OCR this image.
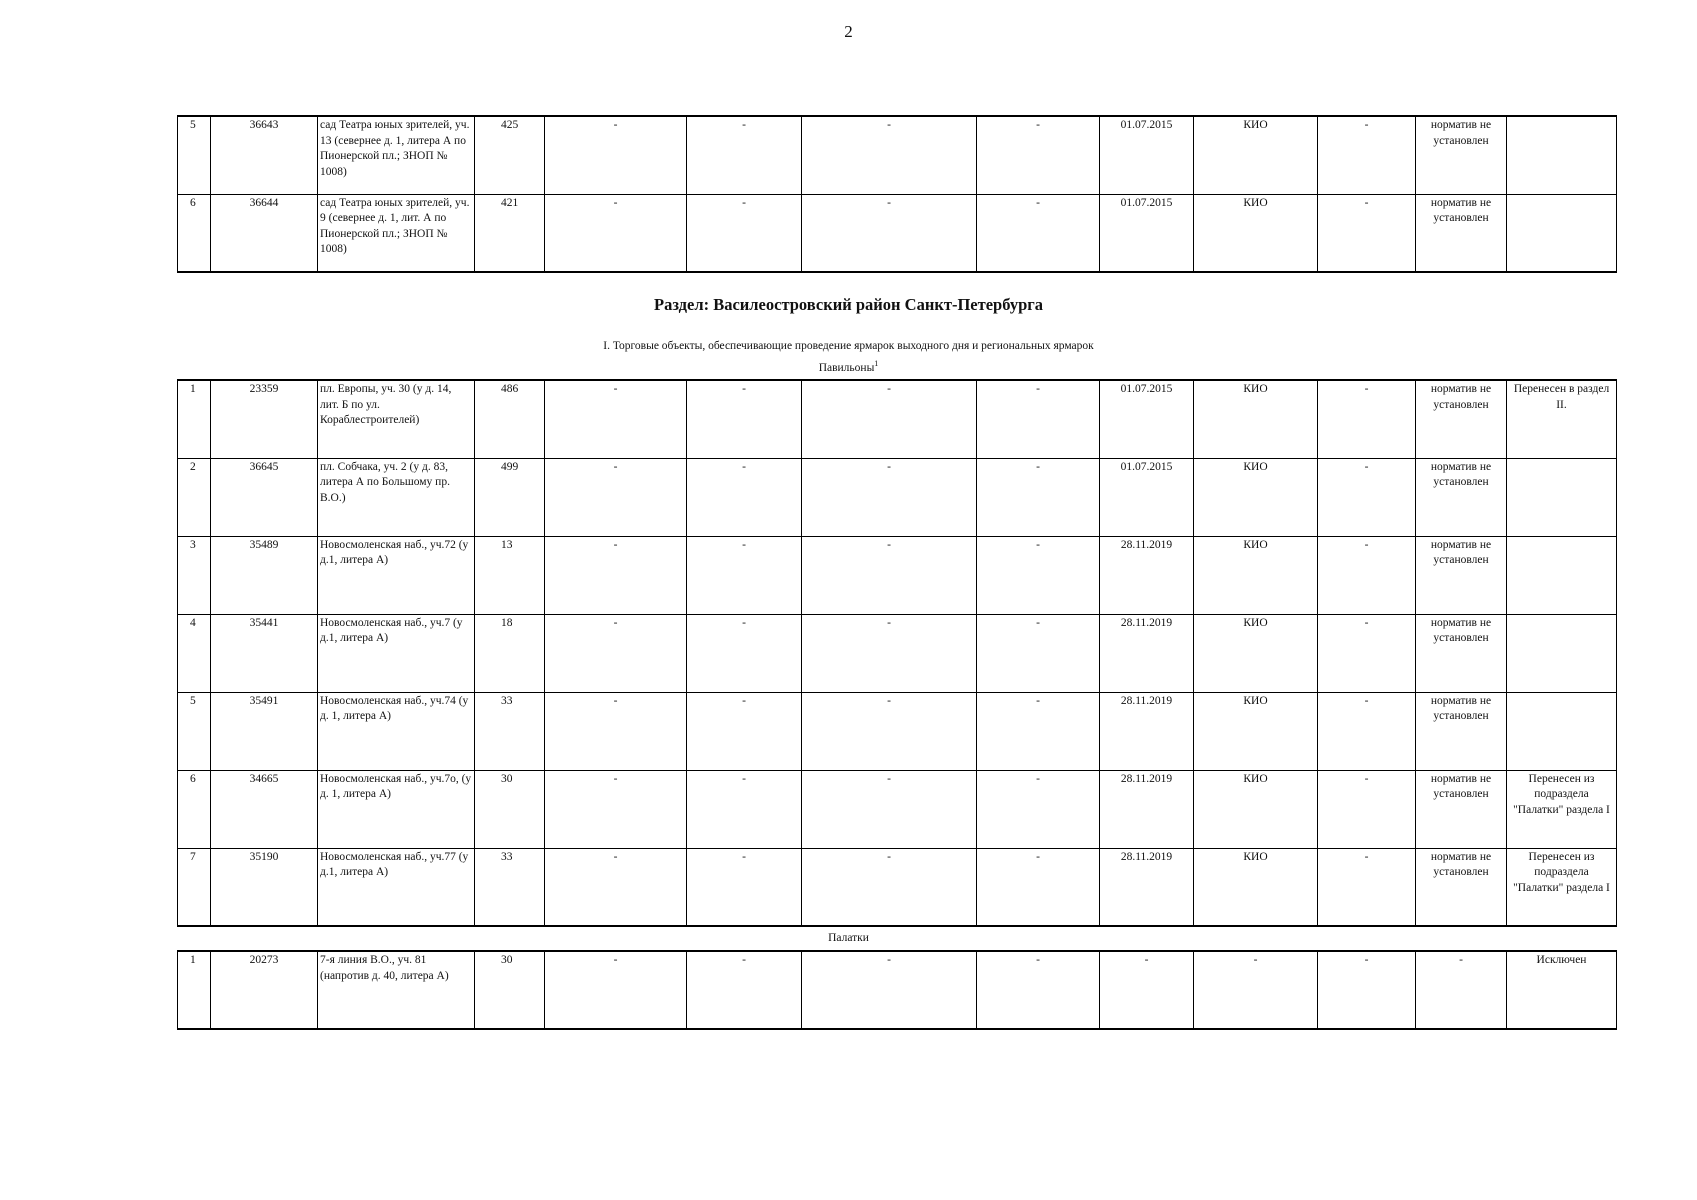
2
5	36643	сад Театра юных зрителей, уч. 13 (севернее д. 1, литера А по Пионерской пл.; ЗНОП № 1008)	425	-	-	-	-	01.07.2015	КИО	-	норматив не установлен	
6	36644	сад Театра юных зрителей, уч. 9 (севернее д. 1, лит. А по Пионерской пл.; ЗНОП № 1008)	421	-	-	-	-	01.07.2015	КИО	-	норматив не установлен	
Раздел: Василеостровский район Санкт-Петербурга
I. Торговые объекты, обеспечивающие проведение ярмарок выходного дня и региональных ярмарок
Павильоны$^1$
1	23359	пл. Европы, уч. 30 (у д. 14, лит. Б по ул. Кораблестроителей)	486	-	-	-	-	01.07.2015	КИО	-	норматив не установлен	Перенесен в раздел II.
2	36645	пл. Собчака, уч. 2 (у д. 83, литера А по Большому пр. В.О.)	499	-	-	-	-	01.07.2015	КИО	-	норматив не установлен	
3	35489	Новосмоленская наб., уч.72 (у д.1, литера А)	13	-	-	-	-	28.11.2019	КИО	-	норматив не установлен	
4	35441	Новосмоленская наб., уч.7 (у д.1, литера А)	18	-	-	-	-	28.11.2019	КИО	-	норматив не установлен	
5	35491	Новосмоленская наб., уч.74 (у д. 1, литера А)	33	-	-	-	-	28.11.2019	КИО	-	норматив не установлен	
6	34665	Новосмоленская наб., уч.7о, (у д. 1, литера А)	30	-	-	-	-	28.11.2019	КИО	-	норматив не установлен	Перенесен из подраздела "Палатки" раздела I
7	35190	Новосмоленская наб., уч.77 (у д.1, литера А)	33	-	-	-	-	28.11.2019	КИО	-	норматив не установлен	Перенесен из подраздела "Палатки" раздела I
Палатки
1	20273	7-я линия В.О., уч. 81 (напротив д. 40, литера А)	30	-	-	-	-	-	-	-	-	Исключен
